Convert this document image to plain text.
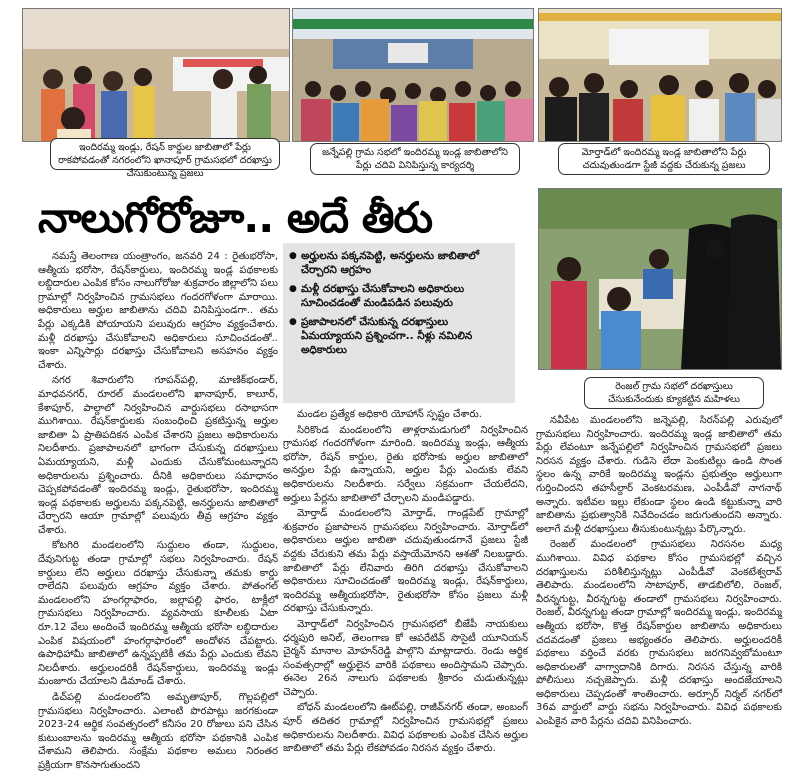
ఇందిరమ్మ ఇండ్లు, రేషన్ కార్డుల జాబితాలో పేర్లు రాకపోవడంతో నగరంలోని ఖానాపూర్ గ్రామసభలో దరఖాస్తు చేసుకుంటున్న ప్రజలు
జన్నేపల్లి గ్రామ సభలో ఇందిరమ్మ ఇండ్ల జాబితాలోని పేర్లు చదివి వినిపిస్తున్న కార్యదర్శి
మోర్తాడ్‌లో ఇందిరమ్మ ఇండ్ల జాబితాలోని పేర్లు చదువుతుండగా స్టేజీ వద్దకు చేరుకున్న ప్రజలు
నాలుగోరోజూ.. అదే తీరు
● అర్హులను పక్కనపెట్టి, అనర్హులను జాబితాలో చేర్చారని ఆగ్రహం
● మళ్లీ దరఖాస్తు చేసుకోవాలని అధికారులు సూచించడంతో మండిపడిన పలువురు
● ప్రజాపాలనలో చేసుకున్న దరఖాస్తులు ఏమయ్యాయని ప్రశ్నించగా.. నీళ్లు నమిలిన అధికారులు
రెంజల్ గ్రామ సభలో దరఖాస్తులు చేసుకునేందుకు క్యూకట్టిన మహిళలు

నమస్తే తెలంగాణ యంత్రాంగం, జనవరి 24 : రైతుభరోసా, ఆత్మీయ భరోసా, రేషన్‌కార్డులు, ఇందిరమ్మ ఇండ్ల పథకాలకు లబ్ధిదారుల ఎంపిక కోసం నాలుగోరోజు శుక్రవారం జిల్లాలోని పలు గ్రామాల్లో నిర్వహించిన గ్రామసభలు గందరగోళంగా మారాయి. అధికారులు అర్హుల జాబితాను చదివి వినిపిస్తుండగా.. తమ పేర్లు ఎక్కడికి పోయాయని పలువురు ఆగ్రహం వ్యక్తంచేశారు. మళ్లీ దరఖాస్తు చేసుకోవాలని అధికారులు సూచించడంతో.. ఇంకా ఎన్నిసార్లు దరఖాస్తు చేసుకోవాలని అసహనం వ్యక్తం చేశారు.

నగర శివారులోని గూపన్‌పల్లి, మాణిక్‌భండార్, మాధవనగర్, రూరల్ మండలంలోని ఖానాపూర్, కాలూర్, కేశాపూర్, పాల్దాలో నిర్వహించిన వార్డుసభలు రసాభాసగా ముగిశాయి. రేషన్‌కార్డులకు సంబంధించి ప్రకటిస్తున్న అర్హుల జాబితా ఏ ప్రాతిపదికన ఎంపిక చేశారని ప్రజలు అధికారులను నిలదీశారు. ప్రజాపాలనలో భాగంగా చేసుకున్న దరఖాస్తులు ఏమయ్యాయని, మళ్లీ ఎందుకు చేసుకోమంటున్నారని అధికారులను ప్రశ్నించారు. దీనికి అధికారులు సమాధానం చెప్పకపోవడంతో ఇందిరమ్మ ఇండ్లు, రైతుభరోసా, ఇందిరమ్మ ఇండ్ల పథకాలకు అర్హులను పక్కనపెట్టి, అనర్హులను జాబితాలో చేర్చారని ఆయా గ్రామాల్లో పలువురు తీవ్ర ఆగ్రహం వ్యక్తం చేశారు.

కోటగిరి మండలంలోని సుద్దులం తండా, సుద్దులం, దేవునిగుట్ట తండా గ్రామాల్లో సభలు నిర్వహించారు. రేషన్ కార్డులు లేని అర్హులు దరఖాస్తు చేసుకున్నా తమకు కార్డు రాలేదని పలువురు ఆగ్రహం వ్యక్తం చేశారు. పోతంగల్ మండలంలోని హంగర్గాఫారం, జల్లాపల్లి ఫారం, టాక్లీలో గ్రామసభలు నిర్వహించారు. వ్యవసాయ కూలీలకు ఏటా రూ.12 వేలు అందించే ఇందిరమ్మ ఆత్మీయ భరోసా లబ్ధిదారుల ఎంపిక విషయంలో హంగర్గాఫారంలో అందోళన చేపట్టారు. ఉపాధిహామీ జాబితాలో ఉన్నప్పటికీ తమ పేర్లు ఎందుకు లేవని నిలదీశారు. అర్హులందరికీ రేషన్‌కార్డులు, ఇందిరమ్మ ఇండ్లు మంజూరు చేయాలని డిమాండ్ చేశారు.

డిచ్‌పల్లి మండలంలోని అమృతాపూర్, గొల్లపల్లిలో గ్రామసభలు నిర్వహించారు. ఎలాంటి పొరపాట్లు జరగకుండా 2023-24 ఆర్థిక సంవత్సరంలో కనీసం 20 రోజులు పని చేసిన కుటుంబాలను ఇందిరమ్మ ఆత్మీయ భరోసా పథకానికి ఎంపిక చేశామని తెలిపారు. సంక్షేమ పథకాల అమలు నిరంతర ప్రక్రియగా కొనసాగుతుందని

మండల ప్రత్యేక అధికారి యోహాన్ స్పష్టం చేశారు.

సిరికొండ మండలంలోని తాళ్లరామడుగులో నిర్వహించిన గ్రామసభ గందరగోళంగా మారింది. ఇందిరమ్మ ఇండ్లు, ఆత్మీయ భరోసా, రేషన్ కార్డుల, రైతు భరోసాకు అర్హుల జాబితాలో అనర్హుల పేర్లు ఉన్నాయని, అర్హుల పేర్లు ఎందుకు లేవని అధికారులను నిలదీశారు. సర్వేలు సక్రమంగా చేయలేదని, అర్హులు పేర్లను జాబితాలో చేర్చాలని మండిపడ్డారు.

మోర్తాడ్ మండలంలోని మోర్తాడ్, గాండ్లపేట్ గ్రామాల్లో శుక్రవారం ప్రజాపాలన గ్రామసభలు నిర్వహించారు. మోర్తాడ్‌లో అధికారులు అర్హుల జాబితా చదువుతుండగానే ప్రజలు స్టేజీ వద్దకు చేరుకుని తమ పేర్లు వస్తాయేమోనని ఆశతో నిలబడ్డారు. జాబితాలో పేర్లు లేనివారు తిరిగి దరఖాస్తు చేసుకోవాలని అధికారులు సూచించడంతో ఇందిరమ్మ ఇండ్లు, రేషన్‌కార్డులు, ఇందిరమ్మ ఆత్మీయభరోసా, రైతుభరోసా కోసం ప్రజలు మళ్లీ దరఖాస్తు చేసుకున్నారు.

మోర్తాడ్‌లో నిర్వహించిన గ్రామసభలో బీజేపీ నాయకులు ధర్మపురి అనిల్, తెలంగాణ కో ఆపరేటివ్ సొసైటీ యూనియన్ చైర్మన్ మానాల మోహన్‌రెడ్డి పాల్గొని మాట్లాడారు. రెండు ఆర్థిక సంవత్సరాల్లో అర్హులైన వారికి పథకాలు అందిస్తామని చెప్పారు. ఈనెల 26న నాలుగు పథకాలకు శ్రీకారం చుడుతున్నట్లు చెప్పారు.

బోధన్ మండలంలోని ఊట్‌పల్లి, రాజీవ్‌నగర్ తండా, అంబంగ్ పూర్ తదితర గ్రామాల్లో నిర్వహించిన గ్రామసభల్లో ప్రజలు అధికారులను నిలదీశారు. వివిధ పథకాలకు ఎంపిక చేసిన అర్హుల జాబితాలో తమ పేర్లు లేకపోవడం నిరసన వ్యక్తం చేశారు.

నవీపేట మండలంలోని జన్నెపల్లి, సిరన్‌పల్లి ఎరువులో గ్రామసభలు నిర్వహించారు. ఇందిరమ్మ ఇండ్ల జాబితాలో తమ పేర్లు లేవంటూ జన్నేపల్లిలో నిర్వహించిన గ్రామసభలో ప్రజలు నిరసన వ్యక్తం చేశారు. గుడిసె లేదా పెంకుటిల్లు ఉండి సొంత స్థలం ఉన్న వారికే ఇందిరమ్మ ఇండ్లను ప్రభుత్వం అర్హులుగా గుర్తించిందని తహసీల్దార్ వెంకటరమణ, ఎంపీడీవో నాగనాథ్ అన్నారు. ఇటీవల ఇల్లు లేకుండా స్థలం ఉండి కట్టుకున్నా వారి జాబితాను ప్రభుత్వానికి నివేదించడం జరుగుతుందని అన్నారు. అలాగే మళ్లీ దరఖాస్తులు తీసుకుంటున్నట్లు పేర్కొన్నారు.

రెంజల్ మండలంలో గ్రామసభలు నిరసనల మధ్య ముగిశాయి. వివిధ పథకాల కోసం గ్రామసభల్లో వచ్చిన దరఖాస్తులను పరిశీలిస్తున్నట్లు ఎంపీడీవో వెంకటేశ్వరావ్ తెలిపారు. మండలంలోని సాటాపూర్, తాడబిలోలి, రెంజల్, వీరన్నగుట్ట, వీరన్నగుట్ట తండాలో గ్రామసభలు నిర్వహించారు. రెంజల్, వీరన్నగుట్ట తండా గ్రామాల్లో ఇందిరమ్మ ఇండ్లు, ఇందిరమ్మ ఆత్మీయ భరోసా, కొత్త రేషన్‌కార్డుల జాబితాను అధికారులు చదవడంతో ప్రజలు అభ్యంతరం తెలిపారు. అర్హులందరికీ పథకాలు వర్తించే వరకు గ్రామసభలు జరగనివ్వబోమంటూ అధికారులతో వాగ్వాదానికి దిగారు. నిరసన చేస్తున్న వారికి పోలీసులు నచ్చజెప్పారు. మళ్లీ దరఖాస్తు అందజేయాలని అధికారులు చెప్పడంతో శాంతించారు. అర్సూర్ నిర్మల్ నగర్‌లో 36వ వార్డులో వార్డు సభను నిర్వహించారు. వివిధ పథకాలకు ఎంపికైన వారి పేర్లను చదివి వినిపించారు.
